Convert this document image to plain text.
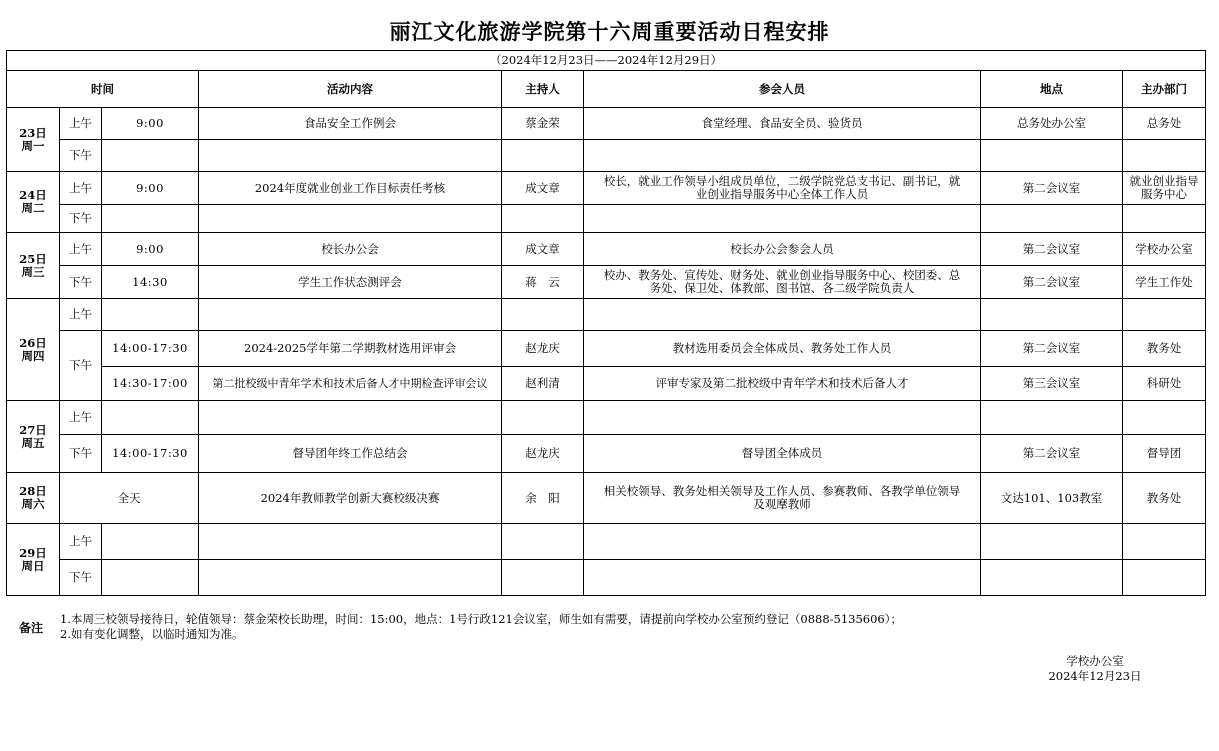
丽江文化旅游学院第十六周重要活动日程安排
（2024年12月23日——2024年12月29日）							
时间			活动内容	主持人	参会人员	地点	主办部门

23日
周一	上午	9:00	食品安全工作例会	蔡金荣	食堂经理、食品安全员、验货员	总务处办公室	总务处
	下午						

24日
周二	上午	9:00	2024年度就业创业工作目标责任考核	成文章	校长，就业工作领导小组成员单位，二级学院党总支书记、副书记，就
业创业指导服务中心全体工作人员	第二会议室	就业创业指导
服务中心

	下午						

25日
周三	上午	9:00	校长办公会	成文章	校长办公会参会人员	第二会议室	学校办公室
	下午	14:30	学生工作状态测评会	蒋　云	校办、教务处、宣传处、财务处、就业创业指导服务中心、校团委、总
务处、保卫处、体教部、图书馆、各二级学院负责人	第二会议室	学生工作处

26日
周四	上午						
	下午	14:00-17:30	2024-2025学年第二学期教材选用评审会	赵龙庆	教材选用委员会全体成员、教务处工作人员	第二会议室	教务处
		14:30-17:00	第二批校级中青年学术和技术后备人才中期检查评审会议	赵利清	评审专家及第二批校级中青年学术和技术后备人才	第三会议室	科研处

27日
周五	上午						
	下午	14:00-17:30	督导团年终工作总结会	赵龙庆	督导团全体成员	第二会议室	督导团

28日
周六	全天		2024年教师教学创新大赛校级决赛	余　阳	相关校领导、教务处相关领导及工作人员、参赛教师、各教学单位领导
及观摩教师	文达101、103教室	教务处

29日
周日	上午						
	下午						
备注
1.本周三校领导接待日，轮值领导：蔡金荣校长助理，时间：15:00，地点：1号行政121会议室，师生如有需要，请提前向学校办公室预约登记（0888-5135606）；
2.如有变化调整，以临时通知为准。
学校办公室
2024年12月23日
